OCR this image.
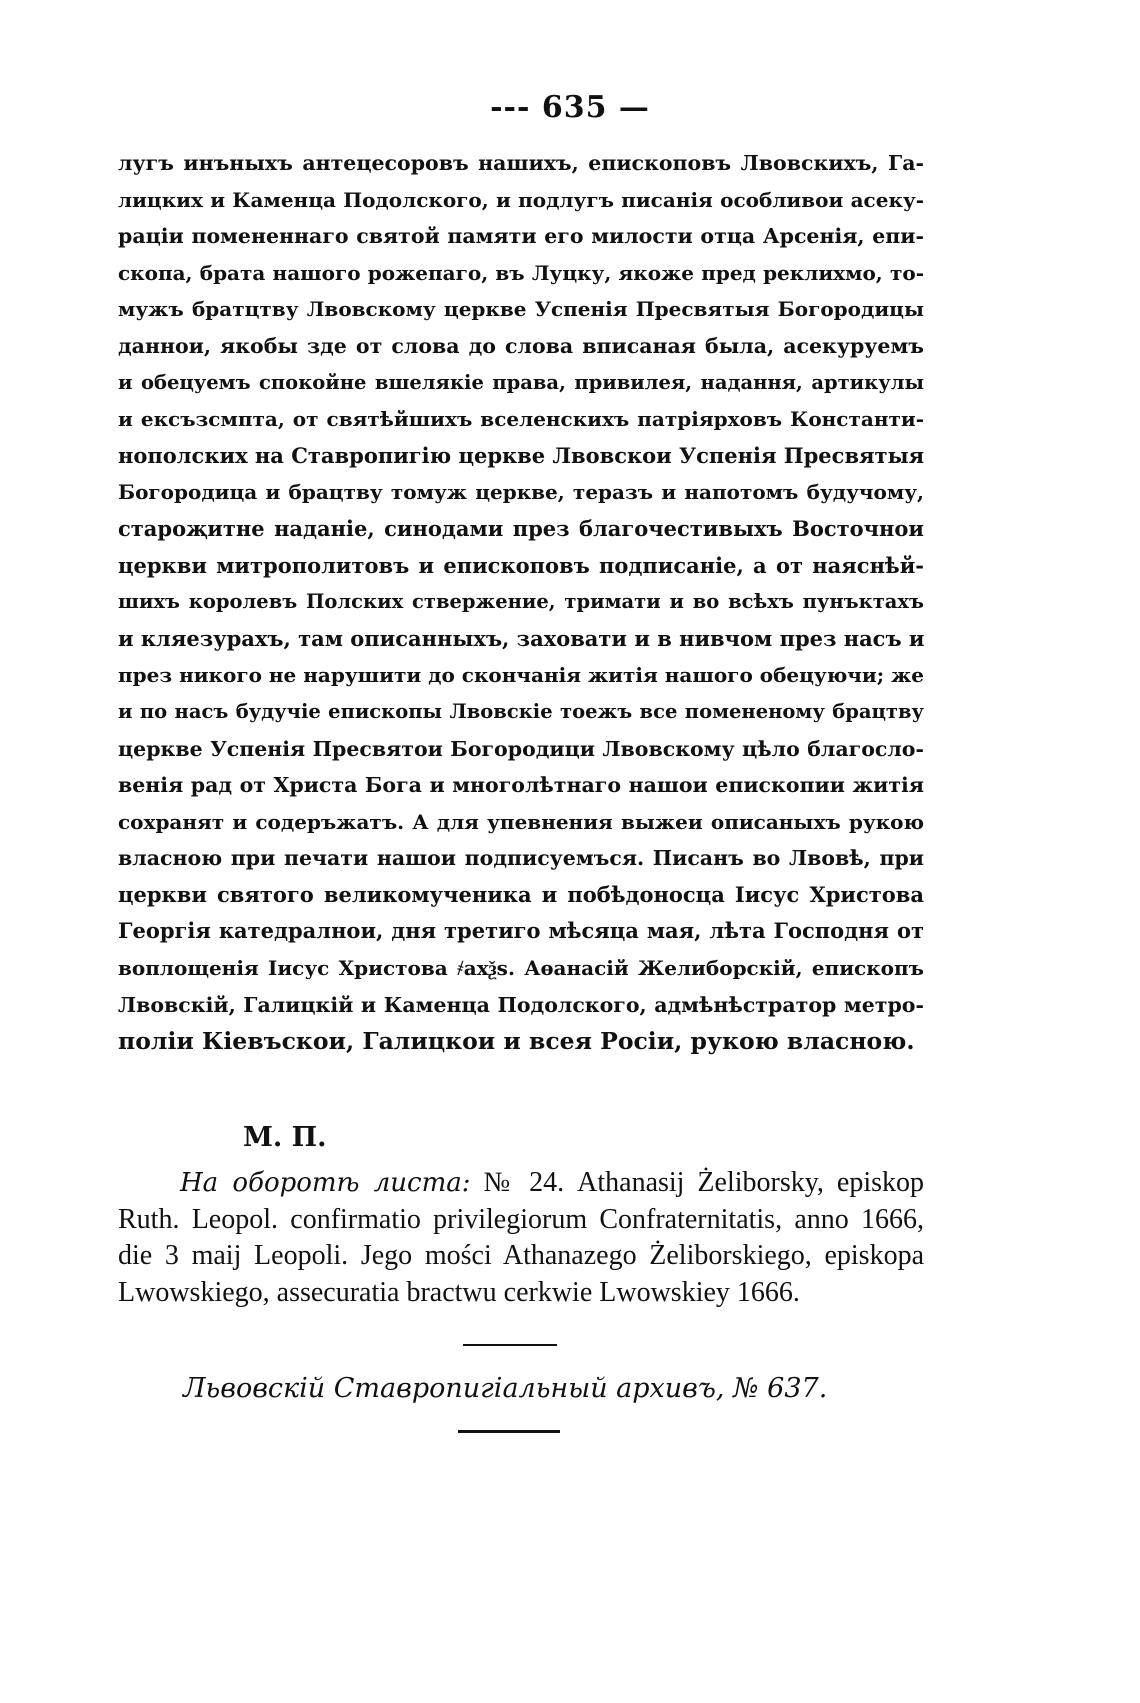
--- 635 —
лугъ инъныхъ антецесоровъ нашихъ, епископовъ Лвовскихъ, Га-
лицких и Каменца Подолского, и подлугъ писанія особливои асеку-
раціи помененнаго святой памяти его милости отца Арсенія, епи-
скопа, брата нашого рожепаго, въ Луцку, якоже пред реклихмо, то-
мужъ братцтву Лвовскому церкве Успенія Пресвятыя Богородицы
даннои, якобы зде от слова до слова вписаная была, асекуруемъ
и обецуемъ спокойне вшелякіе права, привилея, надання, артикулы
и ексъзсмпта, от святѣйшихъ вселенскихъ патріярховъ Константи-
нополских на Ставропигію церкве Лвовскои Успенія Пресвятыя
Богородица и брацтву томуж церкве, теразъ и напотомъ будучому,
староҗитне наданіе, синодами през благочестивыхъ Восточнои
церкви митрополитовъ и епископовъ подписаніе, а от наяснѣй-
шихъ королевъ Полских ствержение, тримати и во всѣхъ пунъктахъ
и кляезурахъ, там описанныхъ, заховати и в нивчом през насъ и
през никого не нарушити до скончанія житія нашого обецуючи; же
и по насъ будучіе епископы Лвовскіе тоежъ все помененому брацтву
церкве Успенія Пресвятои Богородици Лвовскому цѣло благосло-
венія рад от Христа Бога и многолѣтнаго нашои епископии житія
сохранят и содеръжатъ. А для упевнения выжеи описаныхъ рукою
власною при печати нашои подписуемъся. Писанъ во Лвовѣ, при
церкви святого великомученика и побѣдоносца Іисус Христова
Георгія катедралнои, дня третиго мѣсяца мая, лѣта Господня от
воплощенія Іисус Христова ҂ахѯѕ. Аѳанасій Желиборскій, епископъ
Лвовскій, Галицкій и Каменца Подолского, адмѣнѣстратор метро-
поліи Кіевъскои, Галицкои и всея Росіи, рукою власною.
М. П.
На оборотѣ листа: № 24. Athanasij Żeliborsky, episkop
Ruth. Leopol. confirmatio privilegiorum Confraternitatis, anno 1666,
die 3 maij Leopoli. Jego mości Athanazego Żeliborskiego, episkopa
Lwowskiego, assecuratia bractwu cerkwie Lwowskiey 1666.
Львовскій Ставропигіальный архивъ, № 637.
